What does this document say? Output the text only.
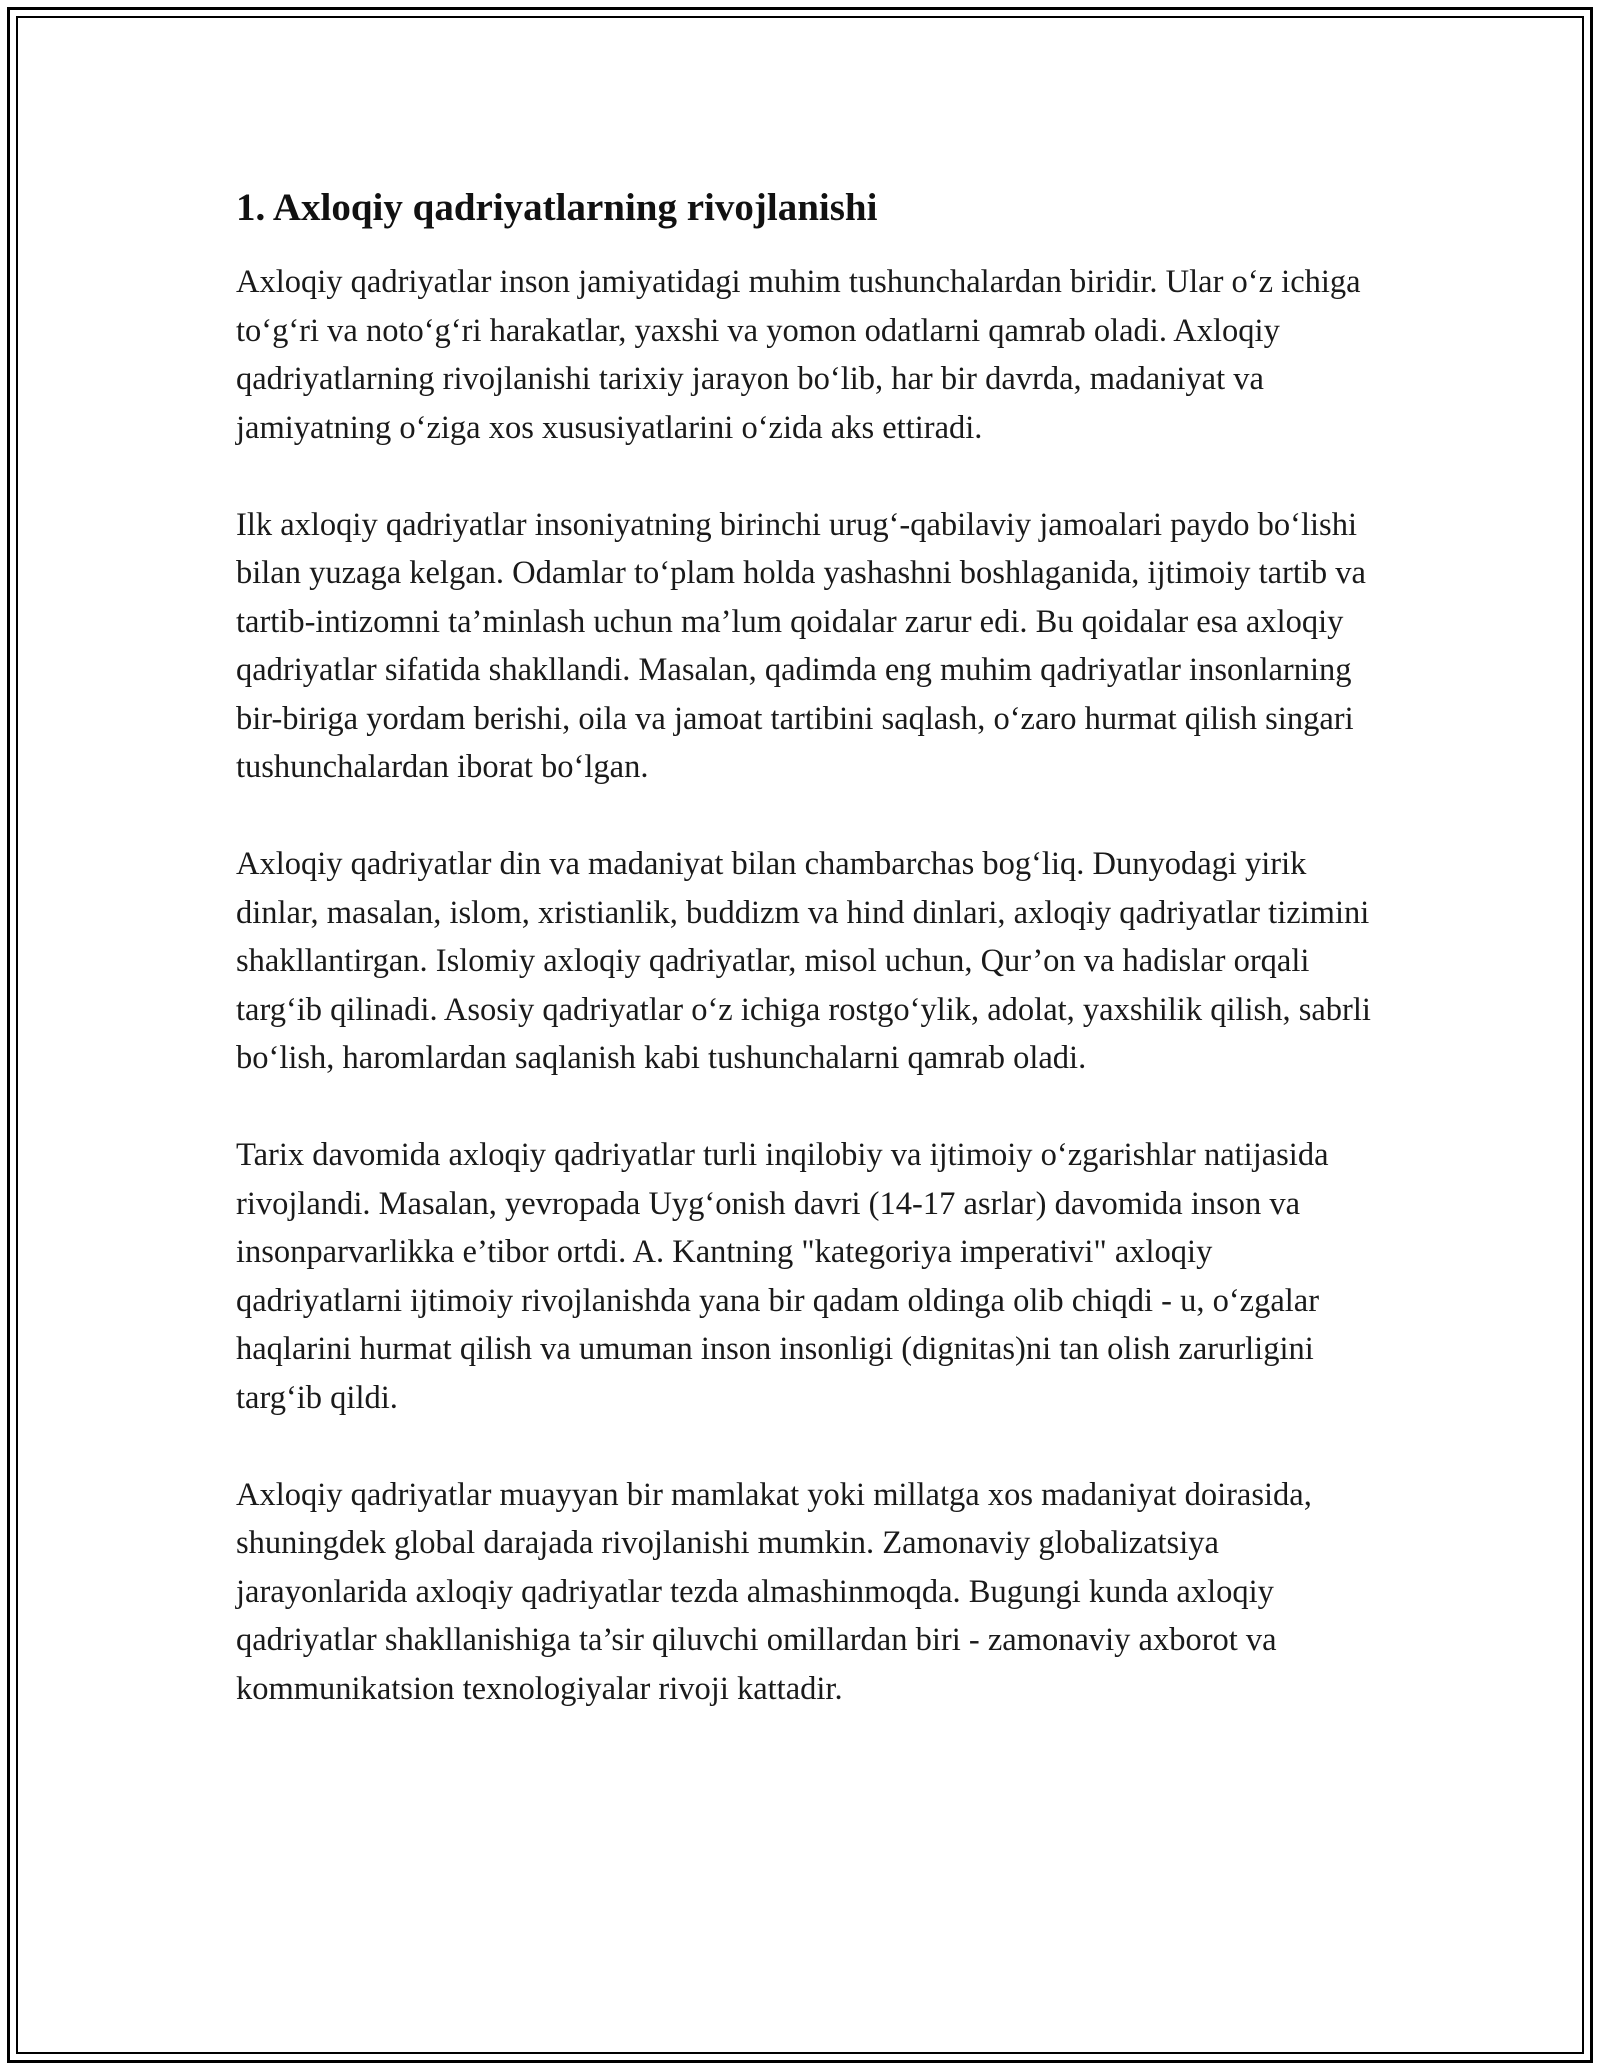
1. Axloqiy qadriyatlarning rivojlanishi

Axloqiy qadriyatlar inson jamiyatidagi muhim tushunchalardan biridir. Ular o‘z ichiga to‘g‘ri va noto‘g‘ri harakatlar, yaxshi va yomon odatlarni qamrab oladi. Axloqiy qadriyatlarning rivojlanishi tarixiy jarayon bo‘lib, har bir davrda, madaniyat va jamiyatning o‘ziga xos xususiyatlarini o‘zida aks ettiradi.

Ilk axloqiy qadriyatlar insoniyatning birinchi urug‘-qabilaviy jamoalari paydo bo‘lishi bilan yuzaga kelgan. Odamlar to‘plam holda yashashni boshlaganida, ijtimoiy tartib va tartib-intizomni ta’minlash uchun ma’lum qoidalar zarur edi. Bu qoidalar esa axloqiy qadriyatlar sifatida shakllandi. Masalan, qadimda eng muhim qadriyatlar insonlarning bir-biriga yordam berishi, oila va jamoat tartibini saqlash, o‘zaro hurmat qilish singari tushunchalardan iborat bo‘lgan.

Axloqiy qadriyatlar din va madaniyat bilan chambarchas bog‘liq. Dunyodagi yirik dinlar, masalan, islom, xristianlik, buddizm va hind dinlari, axloqiy qadriyatlar tizimini shakllantirgan. Islomiy axloqiy qadriyatlar, misol uchun, Qur’on va hadislar orqali targ‘ib qilinadi. Asosiy qadriyatlar o‘z ichiga rostgo‘ylik, adolat, yaxshilik qilish, sabrli bo‘lish, haromlardan saqlanish kabi tushunchalarni qamrab oladi.

Tarix davomida axloqiy qadriyatlar turli inqilobiy va ijtimoiy o‘zgarishlar natijasida rivojlandi. Masalan, yevropada Uyg‘onish davri (14-17 asrlar) davomida inson va insonparvarlikka e’tibor ortdi. A. Kantning "kategoriya imperativi" axloqiy qadriyatlarni ijtimoiy rivojlanishda yana bir qadam oldinga olib chiqdi - u, o‘zgalar haqlarini hurmat qilish va umuman inson insonligi (dignitas)ni tan olish zarurligini targ‘ib qildi.

Axloqiy qadriyatlar muayyan bir mamlakat yoki millatga xos madaniyat doirasida, shuningdek global darajada rivojlanishi mumkin. Zamonaviy globalizatsiya jarayonlarida axloqiy qadriyatlar tezda almashinmoqda. Bugungi kunda axloqiy qadriyatlar shakllanishiga ta’sir qiluvchi omillardan biri - zamonaviy axborot va kommunikatsion texnologiyalar rivoji kattadir.
